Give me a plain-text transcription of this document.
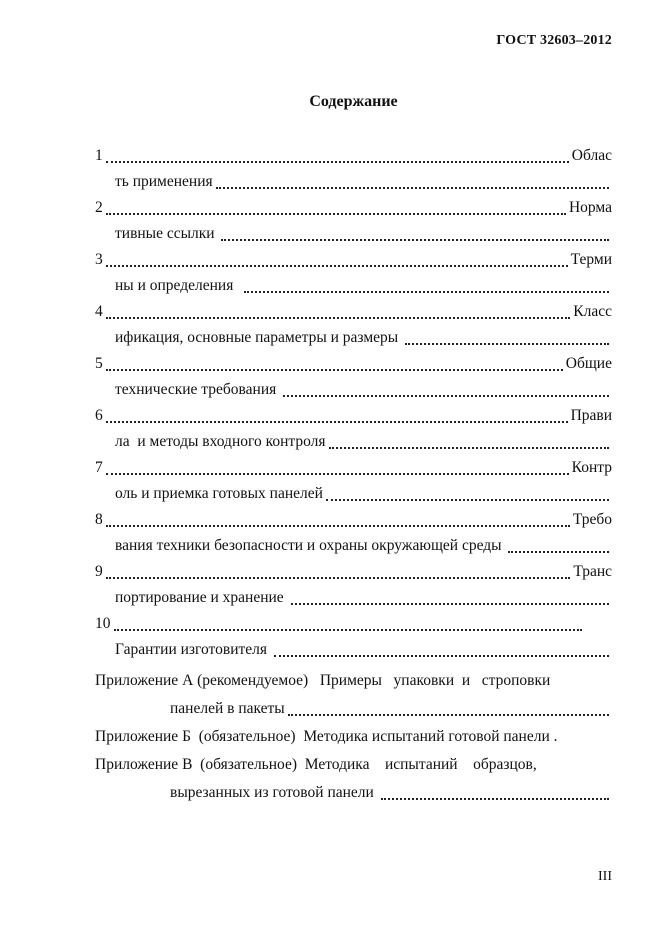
ГОСТ 32603–2012
Содержание
1	Облас
ть применения
2	Норма
тивные ссылки
3	Терми
ны и определения
4	Класс
ификация, основные параметры и размеры
5	Общие
технические требования
6	Прави
ла  и методы входного контроля
7	Контр
оль и приемка готовых панелей
8	Требо
вания техники безопасности и охраны окружающей среды
9	Транс
портирование и хранение
10
Гарантии изготовителя
Приложение А (рекомендуемое)   Примеры   упаковки  и   строповки
панелей в пакеты
Приложение Б  (обязательное)  Методика испытаний готовой панели .
Приложение В  (обязательное)  Методика    испытаний    образцов,
вырезанных из готовой панели
III
